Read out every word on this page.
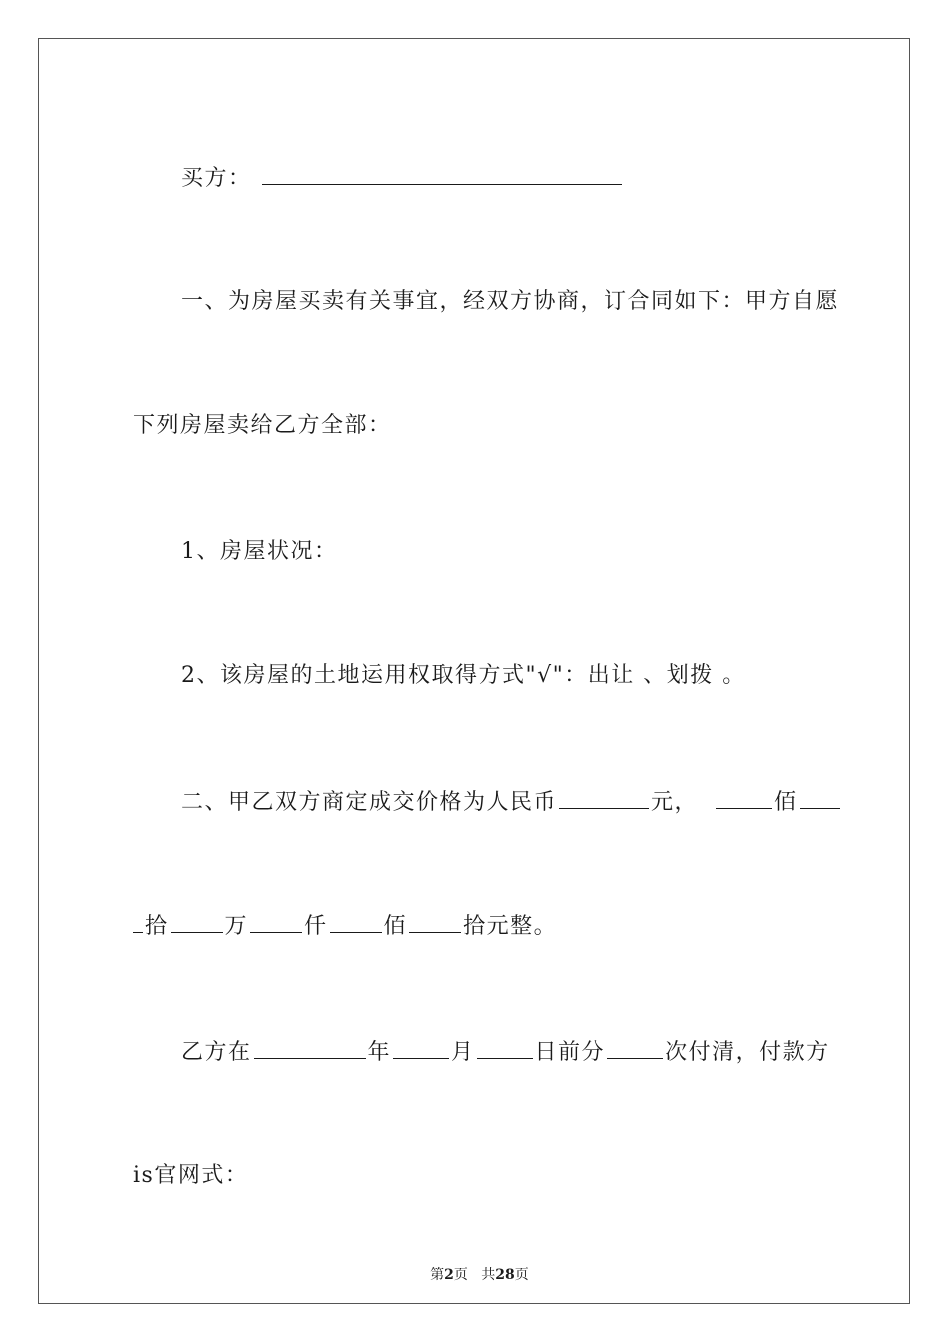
买方：

一、为房屋买卖有关事宜，经双方协商，订合同如下：甲方自愿

下列房屋卖给乙方全部：

1、房屋状况：

2、该房屋的土地运用权取得方式"√"：出让 、划拨 。

二、甲乙双方商定成交价格为人民币	元，	佰

拾	万	仟	佰	拾元整。

乙方在	年	月	日前分	次付清，付款方

is官网式：

第2页 共28页
